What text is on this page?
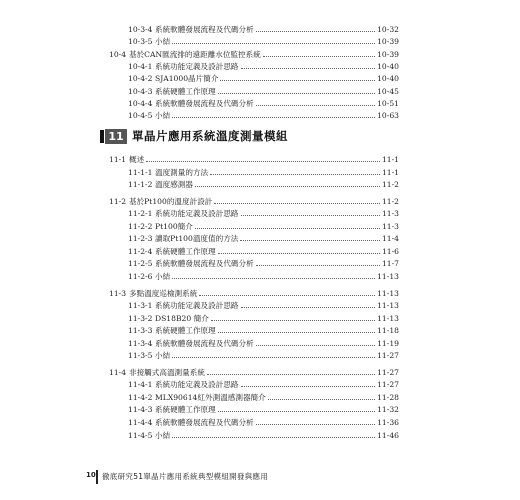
10-3-4 系統軟體發展流程及代碼分析	10-32
10-3-5 小結	10-39
10-4 基於CAN匯流排的遠距離水位監控系統	10-39
10-4-1 系統功能定義及設計思路	10-40
10-4-2 SJA1000晶片簡介	10-40
10-4-3 系統硬體工作原理	10-45
10-4-4 系統軟體發展流程及代碼分析	10-51
10-4-5 小結	10-63
11 單晶片應用系統溫度測量模組
11-1 概述	11-1
11-1-1 溫度測量的方法	11-1
11-1-2 溫度感測器	11-2
11-2 基於Pt100的溫度計設計	11-2
11-2-1 系統功能定義及設計思路	11-3
11-2-2 Pt100簡介	11-3
11-2-3 讀取Pt100溫度值的方法	11-4
11-2-4 系統硬體工作原理	11-6
11-2-5 系統軟體發展流程及代碼分析	11-7
11-2-6 小結	11-13
11-3 多點溫度巡檢測系統	11-13
11-3-1 系統功能定義及設計思路	11-13
11-3-2 DS18B20 簡介	11-13
11-3-3 系統硬體工作原理	11-18
11-3-4 系統軟體發展流程及代碼分析	11-19
11-3-5 小結	11-27
11-4 非接觸式高溫測量系統	11-27
11-4-1 系統功能定義及設計思路	11-27
11-4-2 MLX90614紅外測溫感測器簡介	11-28
11-4-3 系統硬體工作原理	11-32
11-4-4 系統軟體發展流程及代碼分析	11-36
11-4-5 小結	11-46
10 徹底研究51單晶片應用系統典型模組開發與應用
